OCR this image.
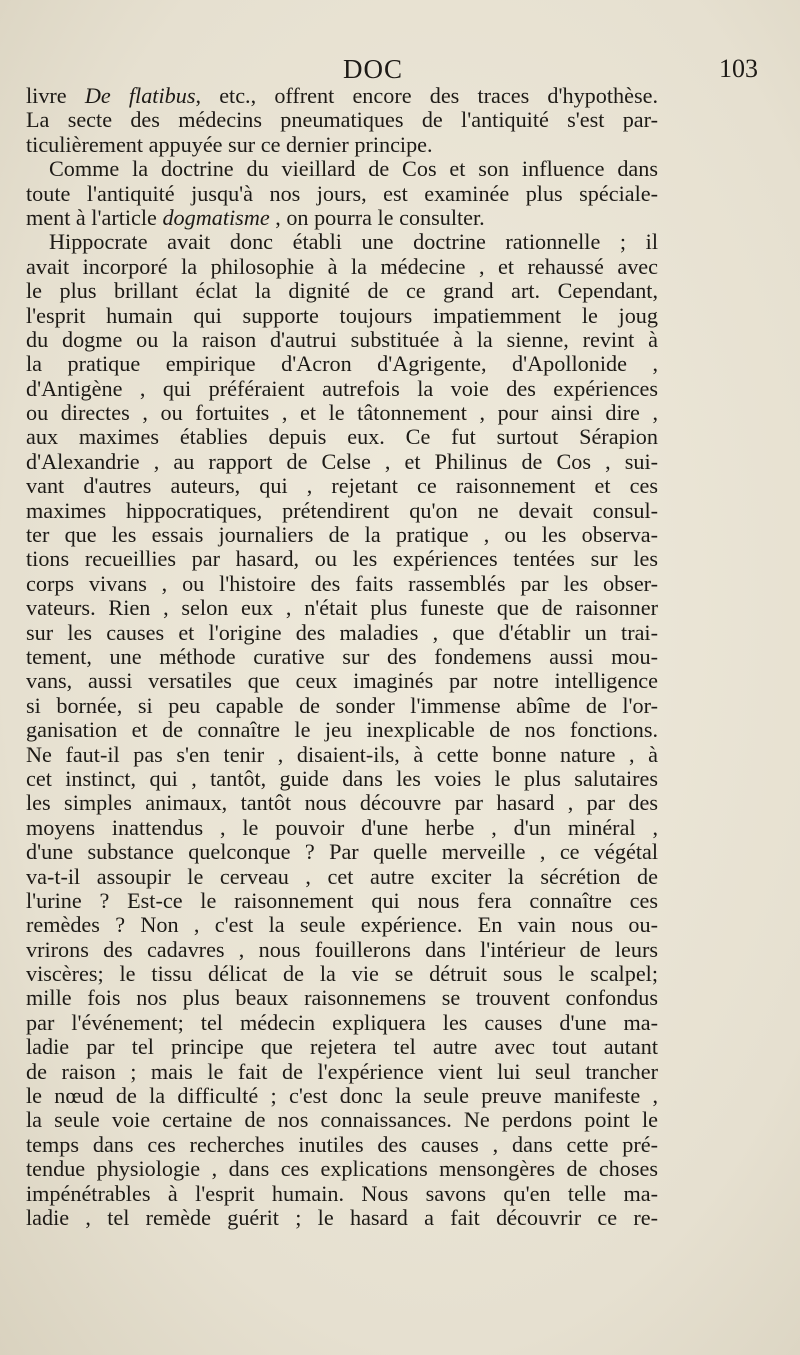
DOC	103
livre De flatibus, etc., offrent encore des traces d'hypothèse.
La secte des médecins pneumatiques de l'antiquité s'est par-
ticulièrement appuyée sur ce dernier principe.
Comme la doctrine du vieillard de Cos et son influence dans
toute l'antiquité jusqu'à nos jours, est examinée plus spéciale-
ment à l'article dogmatisme , on pourra le consulter.
Hippocrate avait donc établi une doctrine rationnelle ; il
avait incorporé la philosophie à la médecine , et rehaussé avec
le plus brillant éclat la dignité de ce grand art. Cependant,
l'esprit humain qui supporte toujours impatiemment le joug
du dogme ou la raison d'autrui substituée à la sienne, revint à
la pratique empirique d'Acron d'Agrigente, d'Apollonide ,
d'Antigène , qui préféraient autrefois la voie des expériences
ou directes , ou fortuites , et le tâtonnement , pour ainsi dire ,
aux maximes établies depuis eux. Ce fut surtout Sérapion
d'Alexandrie , au rapport de Celse , et Philinus de Cos , sui-
vant d'autres auteurs, qui , rejetant ce raisonnement et ces
maximes hippocratiques, prétendirent qu'on ne devait consul-
ter que les essais journaliers de la pratique , ou les observa-
tions recueillies par hasard, ou les expériences tentées sur les
corps vivans , ou l'histoire des faits rassemblés par les obser-
vateurs. Rien , selon eux , n'était plus funeste que de raisonner
sur les causes et l'origine des maladies , que d'établir un trai-
tement, une méthode curative sur des fondemens aussi mou-
vans, aussi versatiles que ceux imaginés par notre intelligence
si bornée, si peu capable de sonder l'immense abîme de l'or-
ganisation et de connaître le jeu inexplicable de nos fonctions.
Ne faut-il pas s'en tenir , disaient-ils, à cette bonne nature , à
cet instinct, qui , tantôt, guide dans les voies le plus salutaires
les simples animaux, tantôt nous découvre par hasard , par des
moyens inattendus , le pouvoir d'une herbe , d'un minéral ,
d'une substance quelconque ? Par quelle merveille , ce végétal
va-t-il assoupir le cerveau , cet autre exciter la sécrétion de
l'urine ? Est-ce le raisonnement qui nous fera connaître ces
remèdes ? Non , c'est la seule expérience. En vain nous ou-
vrirons des cadavres , nous fouillerons dans l'intérieur de leurs
viscères; le tissu délicat de la vie se détruit sous le scalpel;
mille fois nos plus beaux raisonnemens se trouvent confondus
par l'événement; tel médecin expliquera les causes d'une ma-
ladie par tel principe que rejetera tel autre avec tout autant
de raison ; mais le fait de l'expérience vient lui seul trancher
le nœud de la difficulté ; c'est donc la seule preuve manifeste ,
la seule voie certaine de nos connaissances. Ne perdons point le
temps dans ces recherches inutiles des causes , dans cette pré-
tendue physiologie , dans ces explications mensongères de choses
impénétrables à l'esprit humain. Nous savons qu'en telle ma-
ladie , tel remède guérit ; le hasard a fait découvrir ce re-
